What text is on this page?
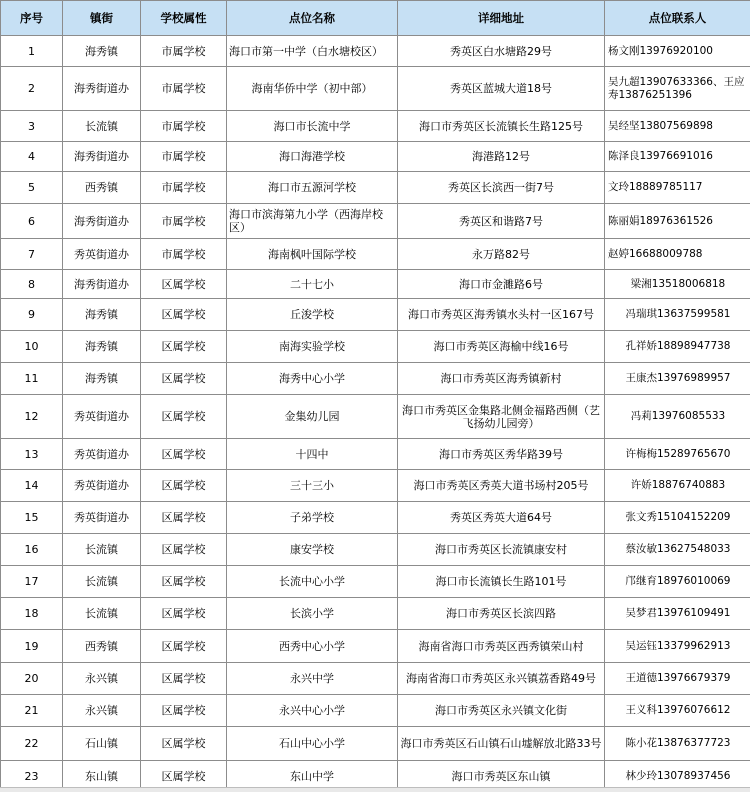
序号	镇街	学校属性	点位名称	详细地址	点位联系人
1	海秀镇	市属学校	海口市第一中学（白水塘校区）	秀英区白水塘路29号	杨文刚13976920100
2	海秀街道办	市属学校	海南华侨中学（初中部）	秀英区蓝城大道18号	吴九超13907633366、王应寿13876251396
3	长流镇	市属学校	海口市长流中学	海口市秀英区长流镇长生路125号	吴经坚13807569898
4	海秀街道办	市属学校	海口海港学校	海港路12号	陈泽良13976691016
5	西秀镇	市属学校	海口市五源河学校	秀英区长滨西一街7号	文玲18889785117
6	海秀街道办	市属学校	海口市滨海第九小学（西海岸校区）	秀英区和谐路7号	陈丽娟18976361526
7	秀英街道办	市属学校	海南枫叶国际学校	永万路82号	赵婷16688009788
8	海秀街道办	区属学校	二十七小	海口市金濉路6号	梁湘13518006818
9	海秀镇	区属学校	丘浚学校	海口市秀英区海秀镇水头村一区167号	冯瑞琪13637599581
10	海秀镇	区属学校	南海实验学校	海口市秀英区海榆中线16号	孔祥娇18898947738
11	海秀镇	区属学校	海秀中心小学	海口市秀英区海秀镇新村	王康杰13976989957
12	秀英街道办	区属学校	金集幼儿园	海口市秀英区金集路北侧金福路西侧（艺飞扬幼儿园旁）	冯莉13976085533
13	秀英街道办	区属学校	十四中	海口市秀英区秀华路39号	许梅梅15289765670
14	秀英街道办	区属学校	三十三小	海口市秀英区秀英大道书场村205号	许娇18876740883
15	秀英街道办	区属学校	子弟学校	秀英区秀英大道64号	张文秀15104152209
16	长流镇	区属学校	康安学校	海口市秀英区长流镇康安村	蔡汝敏13627548033
17	长流镇	区属学校	长流中心小学	海口市长流镇长生路101号	邝继育18976010069
18	长流镇	区属学校	长滨小学	海口市秀英区长滨四路	吴梦君13976109491
19	西秀镇	区属学校	西秀中心小学	海南省海口市秀英区西秀镇荣山村	吴运钰13379962913
20	永兴镇	区属学校	永兴中学	海南省海口市秀英区永兴镇荔香路49号	王道德13976679379
21	永兴镇	区属学校	永兴中心小学	海口市秀英区永兴镇文化街	王义科13976076612
22	石山镇	区属学校	石山中心小学	海口市秀英区石山镇石山墟解放北路33号	陈小花13876377723
23	东山镇	区属学校	东山中学	海口市秀英区东山镇	林少玲13078937456
